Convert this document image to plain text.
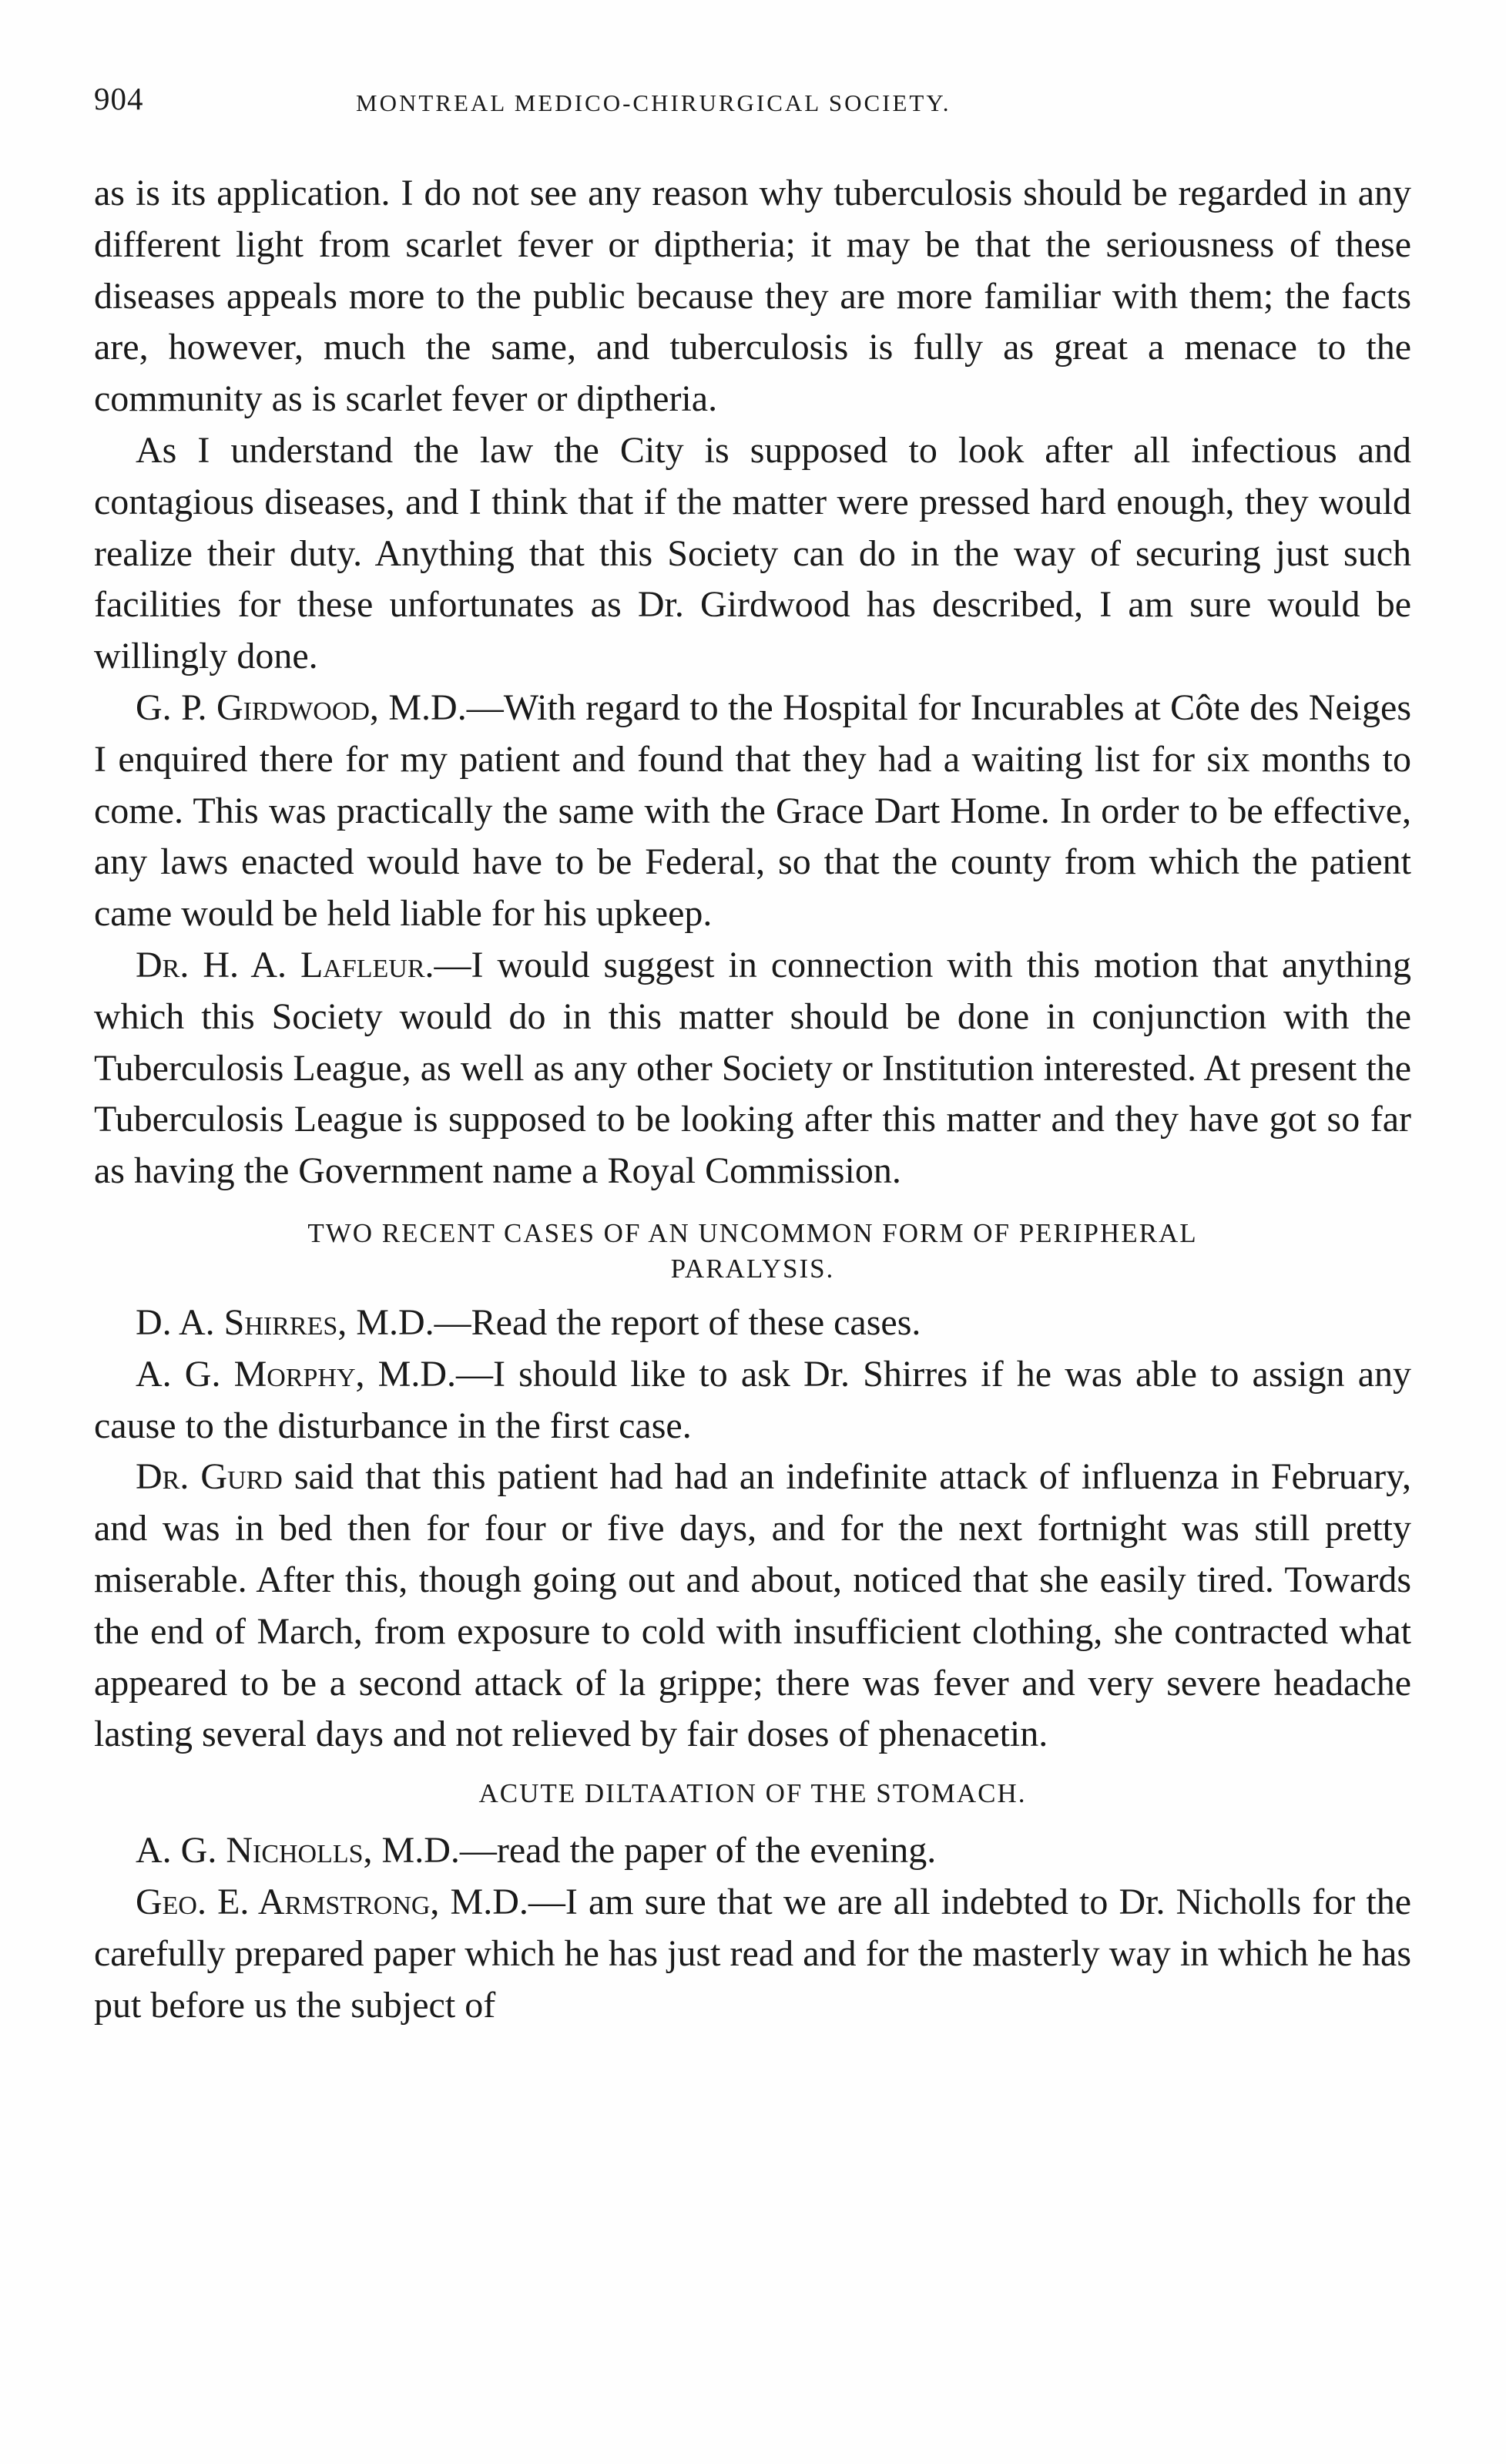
904	MONTREAL MEDICO-CHIRURGICAL SOCIETY.

as is its application. I do not see any reason why tuberculosis should be regarded in any different light from scarlet fever or diptheria; it may be that the seriousness of these diseases appeals more to the public because they are more familiar with them; the facts are, however, much the same, and tuberculosis is fully as great a menace to the community as is scarlet fever or diptheria.

As I understand the law the City is supposed to look after all infectious and contagious diseases, and I think that if the matter were pressed hard enough, they would realize their duty. Anything that this Society can do in the way of securing just such facilities for these unfortunates as Dr. Girdwood has described, I am sure would be willingly done.

G. P. Girdwood, M.D.—With regard to the Hospital for Incurables at Côte des Neiges I enquired there for my patient and found that they had a waiting list for six months to come. This was practically the same with the Grace Dart Home. In order to be effective, any laws enacted would have to be Federal, so that the county from which the patient came would be held liable for his upkeep.

Dr. H. A. Lafleur.—I would suggest in connection with this motion that anything which this Society would do in this matter should be done in conjunction with the Tuberculosis League, as well as any other Society or Institution interested. At present the Tuberculosis League is supposed to be looking after this matter and they have got so far as having the Government name a Royal Commission.

TWO RECENT CASES OF AN UNCOMMON FORM OF PERIPHERAL
PARALYSIS.

D. A. Shirres, M.D.—Read the report of these cases.

A. G. Morphy, M.D.—I should like to ask Dr. Shirres if he was able to assign any cause to the disturbance in the first case.

Dr. Gurd said that this patient had had an indefinite attack of influenza in February, and was in bed then for four or five days, and for the next fortnight was still pretty miserable. After this, though going out and about, noticed that she easily tired. Towards the end of March, from exposure to cold with insufficient clothing, she contracted what appeared to be a second attack of la grippe; there was fever and very severe headache lasting several days and not relieved by fair doses of phenacetin.

ACUTE DILTAATION OF THE STOMACH.

A. G. Nicholls, M.D.—read the paper of the evening.

Geo. E. Armstrong, M.D.—I am sure that we are all indebted to Dr. Nicholls for the carefully prepared paper which he has just read and for the masterly way in which he has put before us the subject of
